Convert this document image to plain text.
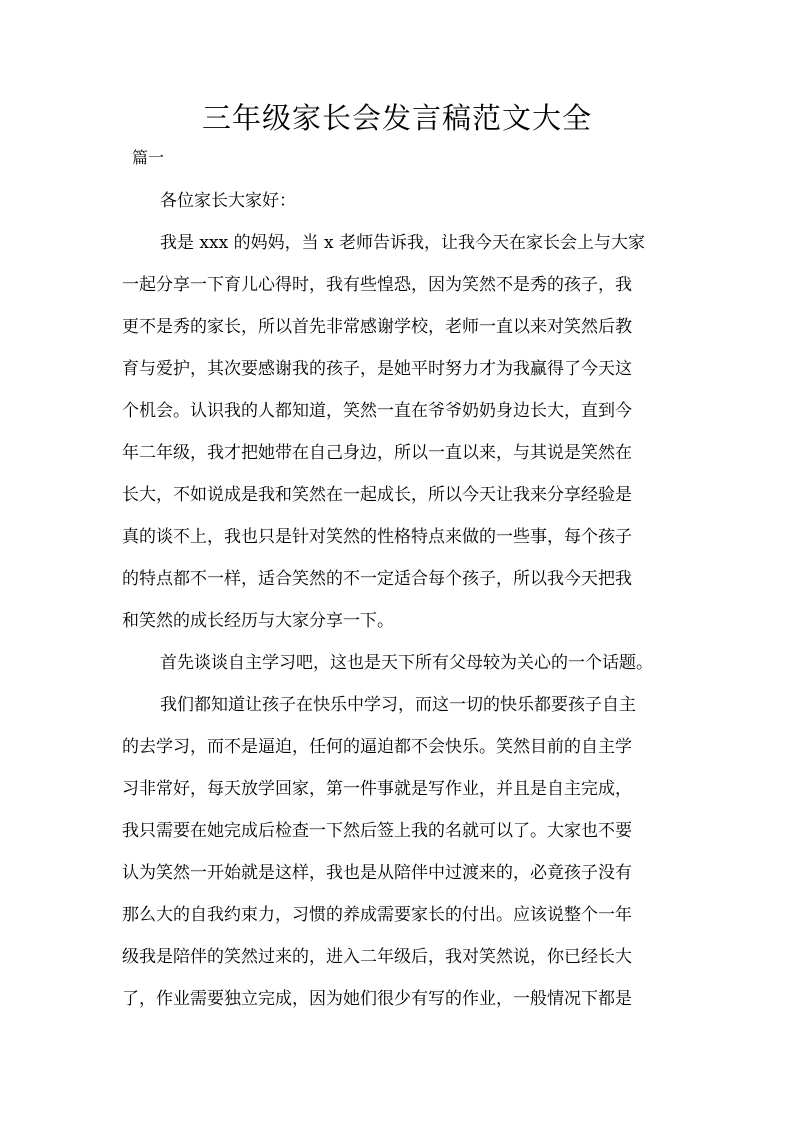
三年级家长会发言稿范文大全
篇一
各位家长大家好：
我是 xxx 的妈妈，当 x 老师告诉我，让我今天在家长会上与大家
一起分享一下育儿心得时，我有些惶恐，因为笑然不是秀的孩子，我
更不是秀的家长，所以首先非常感谢学校，老师一直以来对笑然后教
育与爱护，其次要感谢我的孩子，是她平时努力才为我赢得了今天这
个机会。认识我的人都知道，笑然一直在爷爷奶奶身边长大，直到今
年二年级，我才把她带在自己身边，所以一直以来，与其说是笑然在
长大，不如说成是我和笑然在一起成长，所以今天让我来分享经验是
真的谈不上，我也只是针对笑然的性格特点来做的一些事，每个孩子
的特点都不一样，适合笑然的不一定适合每个孩子，所以我今天把我
和笑然的成长经历与大家分享一下。
首先谈谈自主学习吧，这也是天下所有父母较为关心的一个话题。
我们都知道让孩子在快乐中学习，而这一切的快乐都要孩子自主
的去学习，而不是逼迫，任何的逼迫都不会快乐。笑然目前的自主学
习非常好，每天放学回家，第一件事就是写作业，并且是自主完成，
我只需要在她完成后检查一下然后签上我的名就可以了。大家也不要
认为笑然一开始就是这样，我也是从陪伴中过渡来的，必竟孩子没有
那么大的自我约束力，习惯的养成需要家长的付出。应该说整个一年
级我是陪伴的笑然过来的，进入二年级后，我对笑然说，你已经长大
了，作业需要独立完成，因为她们很少有写的作业，一般情况下都是
